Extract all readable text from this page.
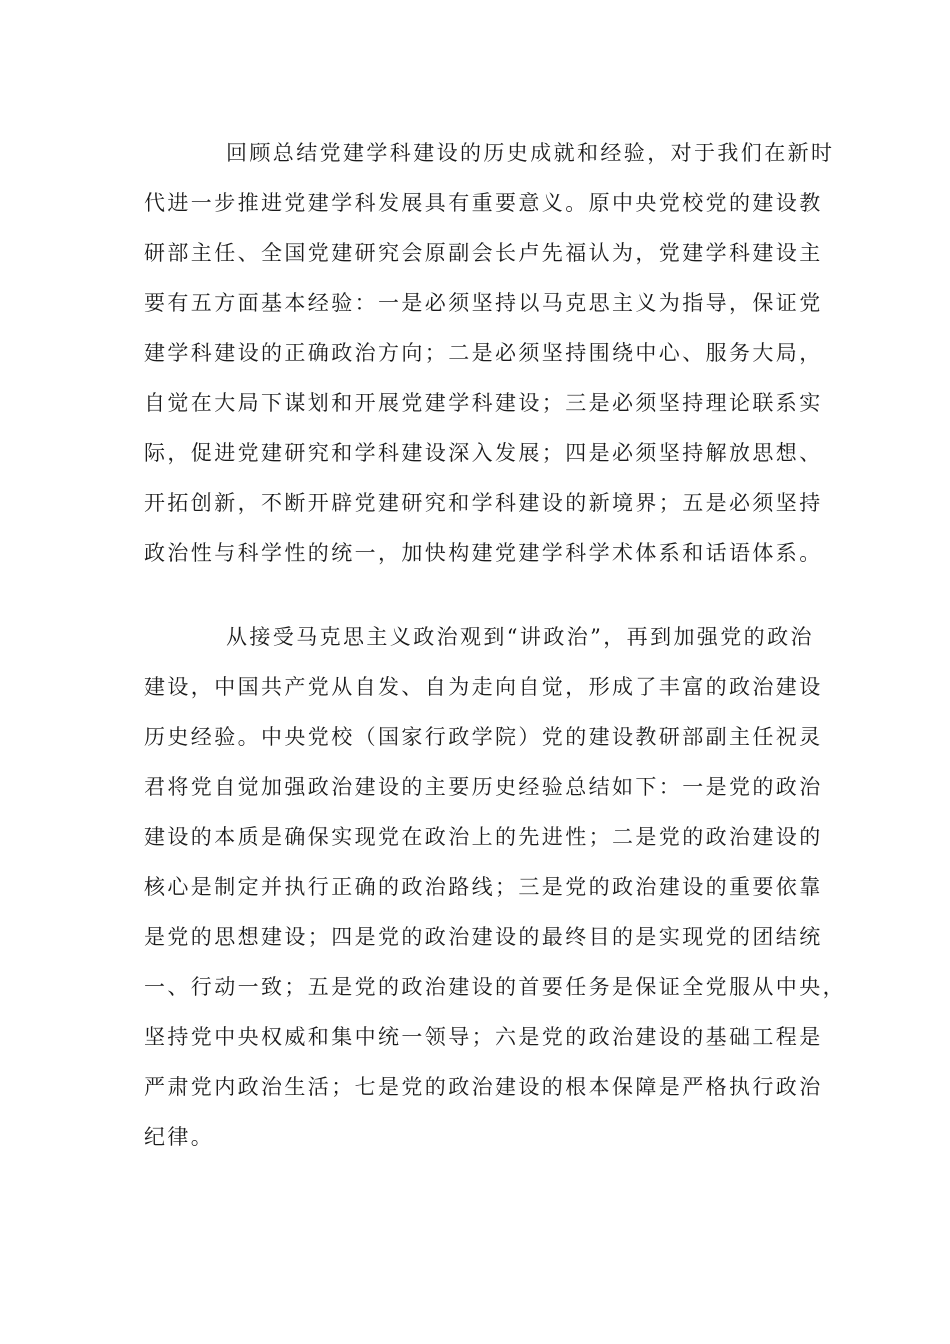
回顾总结党建学科建设的历史成就和经验，对于我们在新时
代进一步推进党建学科发展具有重要意义。原中央党校党的建设教
研部主任、全国党建研究会原副会长卢先福认为，党建学科建设主
要有五方面基本经验：一是必须坚持以马克思主义为指导，保证党
建学科建设的正确政治方向；二是必须坚持围绕中心、服务大局，
自觉在大局下谋划和开展党建学科建设；三是必须坚持理论联系实
际，促进党建研究和学科建设深入发展；四是必须坚持解放思想、
开拓创新，不断开辟党建研究和学科建设的新境界；五是必须坚持
政治性与科学性的统一，加快构建党建学科学术体系和话语体系。
从接受马克思主义政治观到“讲政治”，再到加强党的政治
建设，中国共产党从自发、自为走向自觉，形成了丰富的政治建设
历史经验。中央党校（国家行政学院）党的建设教研部副主任祝灵
君将党自觉加强政治建设的主要历史经验总结如下：一是党的政治
建设的本质是确保实现党在政治上的先进性；二是党的政治建设的
核心是制定并执行正确的政治路线；三是党的政治建设的重要依靠
是党的思想建设；四是党的政治建设的最终目的是实现党的团结统
一、行动一致；五是党的政治建设的首要任务是保证全党服从中央，
坚持党中央权威和集中统一领导；六是党的政治建设的基础工程是
严肃党内政治生活；七是党的政治建设的根本保障是严格执行政治
纪律。
